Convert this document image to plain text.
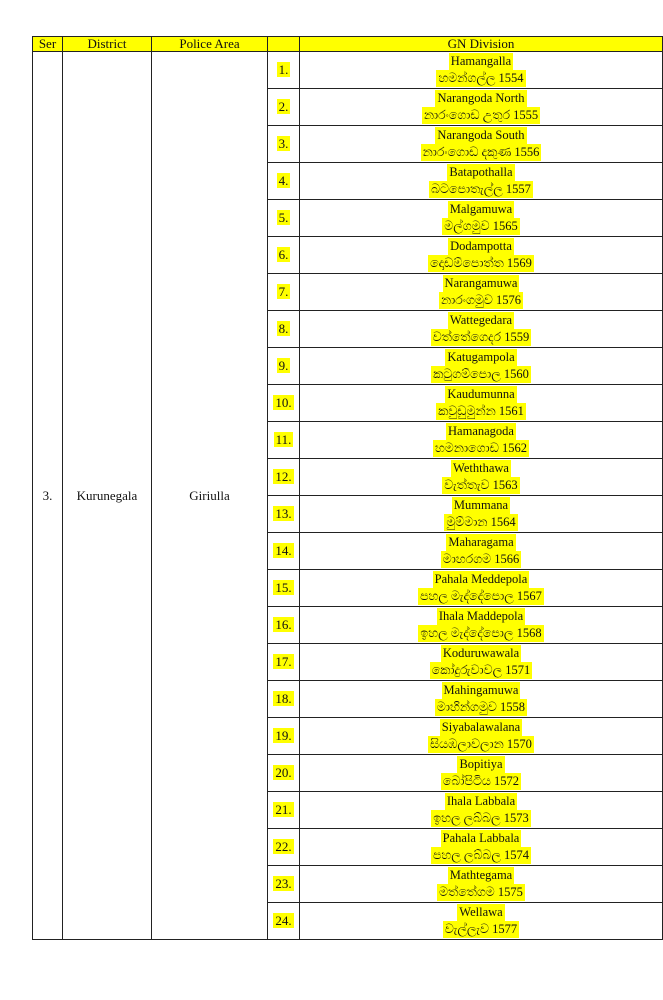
Ser	District	Police Area		GN Division
3.	Kurunegala	Giriulla	1.	Hamangalla
හමන්ගල්ල 1554
			2.	Narangoda North
නාරංගොඩ උතුර 1555
			3.	Narangoda South
නාරංගොඩ දකුණ 1556
			4.	Batapothalla
බටපොතැල්ල 1557
			5.	Malgamuwa
මල්ගමුව 1565
			6.	Dodampotta
දොඩම්පොත්ත 1569
			7.	Narangamuwa
නාරංගමුව 1576
			8.	Wattegedara
වත්තේගෙදර 1559
			9.	Katugampola
කටුගම්පොල 1560
			10.	Kaudumunna
කවුඩුමුන්න 1561
			11.	Hamanagoda
හමනාගොඩ 1562
			12.	Weththawa
වැත්තැව 1563
			13.	Mummana
මුම්මාන 1564
			14.	Maharagama
මාහරගම 1566
			15.	Pahala Meddepola
පහල මැද්දේපොල 1567
			16.	Ihala Maddepola
ඉහල මැද්දේපොල 1568
			17.	Koduruwawala
කෝදුරුවාවල 1571
			18.	Mahingamuwa
මාහින්ගමුව 1558
			19.	Siyabalawalana
සියඹලාවලාන 1570
			20.	Bopitiya
බෝපිටිය 1572
			21.	Ihala Labbala
ඉහල ලබ්බල 1573
			22.	Pahala Labbala
පහල ලබ්බල 1574
			23.	Mathtegama
මත්තේගම 1575
			24.	Wellawa
වැල්ලැව 1577
